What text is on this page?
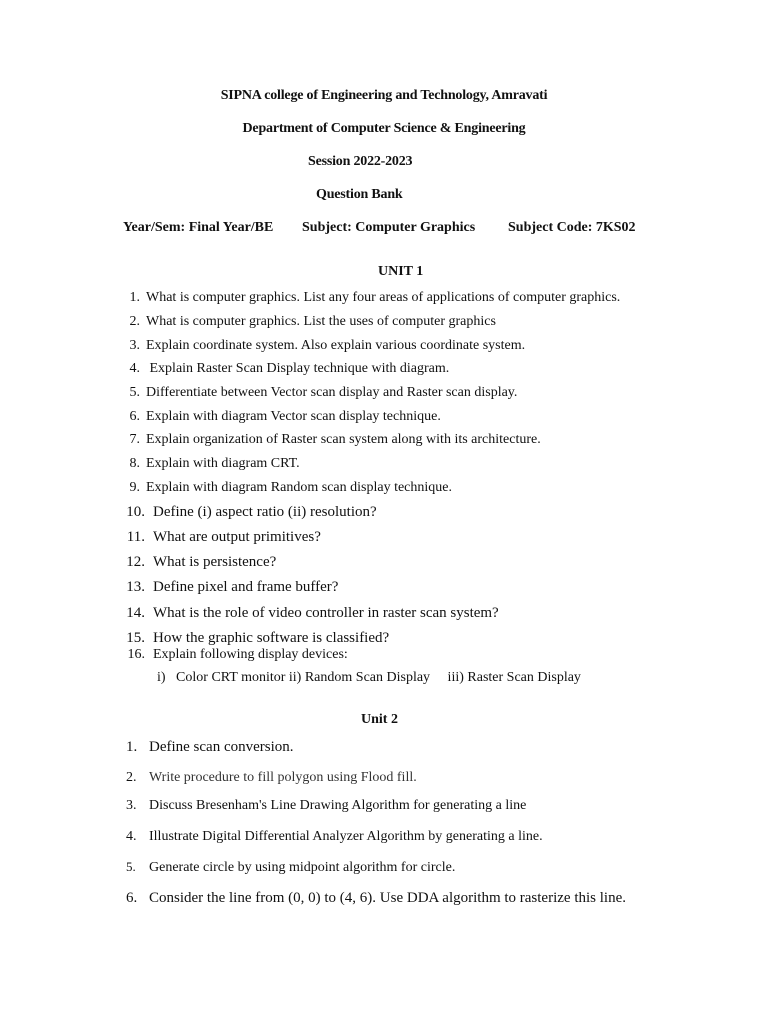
SIPNA college of Engineering and Technology, Amravati
Department of Computer Science & Engineering
Session 2022-2023
Question Bank
Year/Sem: Final Year/BE Subject: Computer Graphics Subject Code: 7KS02
UNIT 1
1. What is computer graphics. List any four areas of applications of computer graphics.
2. What is computer graphics. List the uses of computer graphics
3. Explain coordinate system. Also explain various coordinate system.
4. Explain Raster Scan Display technique with diagram.
5. Differentiate between Vector scan display and Raster scan display.
6. Explain with diagram Vector scan display technique.
7. Explain organization of Raster scan system along with its architecture.
8. Explain with diagram CRT.
9. Explain with diagram Random scan display technique.
10. Define (i) aspect ratio (ii) resolution?
11. What are output primitives?
12. What is persistence?
13. Define pixel and frame buffer?
14. What is the role of video controller in raster scan system?
15. How the graphic software is classified?
16. Explain following display devices:
i)   Color CRT monitor ii) Random Scan Display     iii) Raster Scan Display
Unit 2
1. Define scan conversion.
2. Write procedure to fill polygon using Flood fill.
3. Discuss Bresenham's Line Drawing Algorithm for generating a line
4. Illustrate Digital Differential Analyzer Algorithm by generating a line.
5. Generate circle by using midpoint algorithm for circle.
6. Consider the line from (0, 0) to (4, 6). Use DDA algorithm to rasterize this line.
